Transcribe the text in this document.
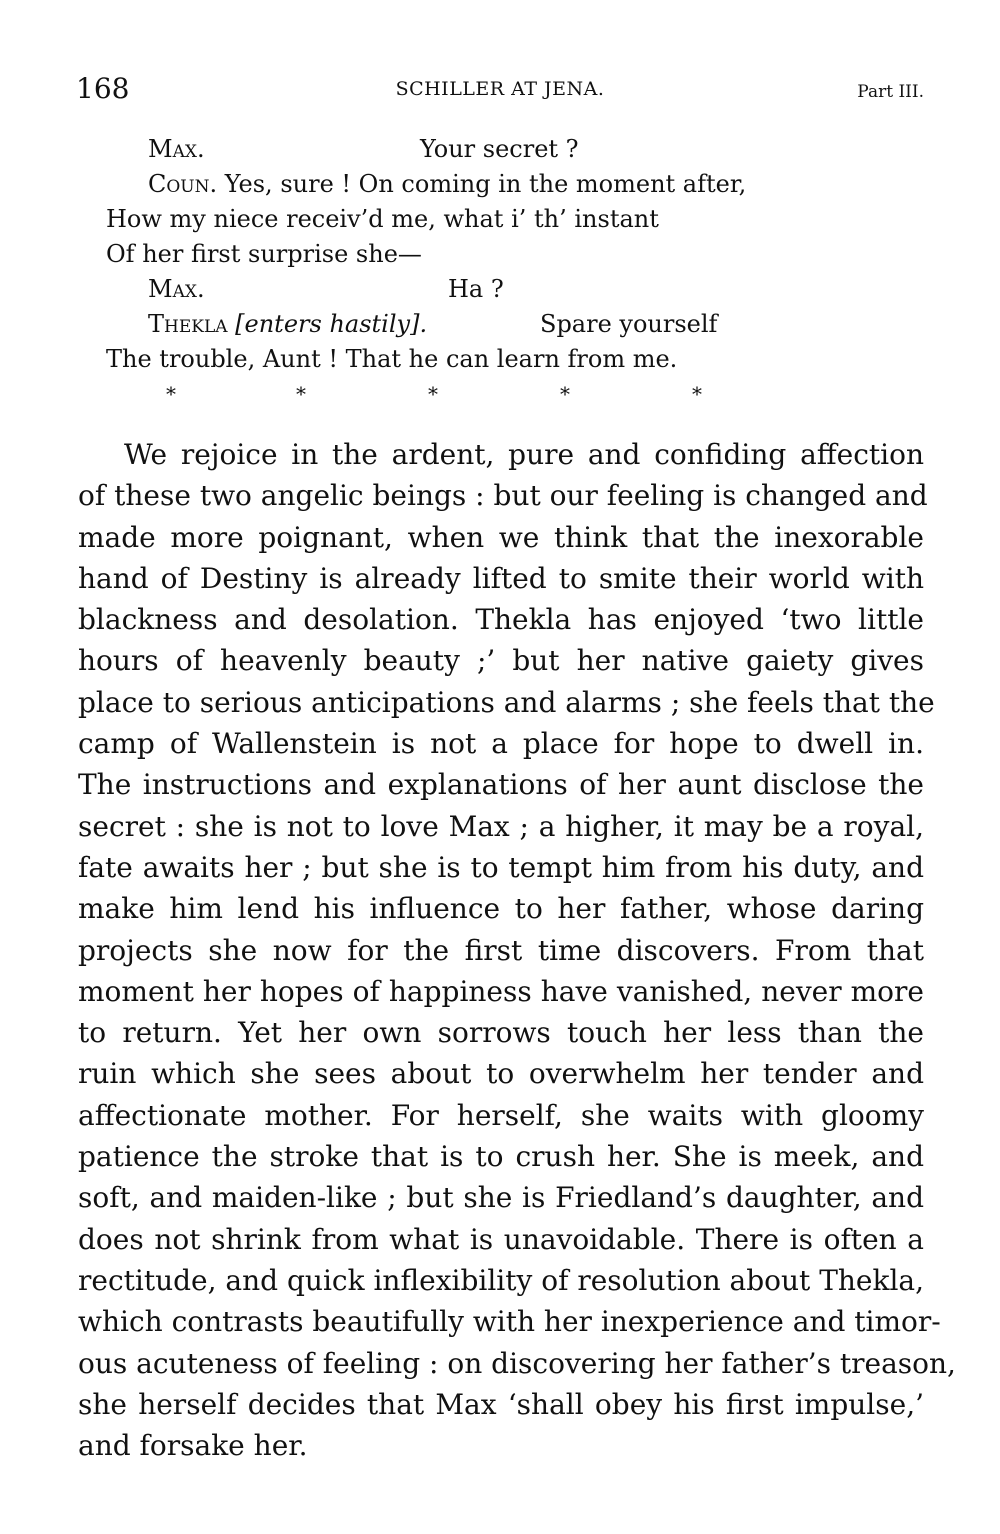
168	SCHILLER AT JENA.	Part III.
Max.	Your secret ?
Coun. Yes, sure ! On coming in the moment after,
How my niece receiv’d me, what i’ th’ instant
Of her first surprise she—
Max.	Ha ?
Thekla [enters hastily].	Spare yourself
The trouble, Aunt ! That he can learn from me.
*	*	*	*	*
We rejoice in the ardent, pure and confiding affection
of these two angelic beings : but our feeling is changed and
made more poignant, when we think that the inexorable
hand of Destiny is already lifted to smite their world with
blackness and desolation. Thekla has enjoyed ‘two little
hours of heavenly beauty ;’ but her native gaiety gives
place to serious anticipations and alarms ; she feels that the
camp of Wallenstein is not a place for hope to dwell in.
The instructions and explanations of her aunt disclose the
secret : she is not to love Max ; a higher, it may be a royal,
fate awaits her ; but she is to tempt him from his duty, and
make him lend his influence to her father, whose daring
projects she now for the first time discovers. From that
moment her hopes of happiness have vanished, never more
to return. Yet her own sorrows touch her less than the
ruin which she sees about to overwhelm her tender and
affectionate mother. For herself, she waits with gloomy
patience the stroke that is to crush her. She is meek, and
soft, and maiden-like ; but she is Friedland’s daughter, and
does not shrink from what is unavoidable. There is often a
rectitude, and quick inflexibility of resolution about Thekla,
which contrasts beautifully with her inexperience and timor-
ous acuteness of feeling : on discovering her father’s treason,
she herself decides that Max ‘shall obey his first impulse,’
and forsake her.
